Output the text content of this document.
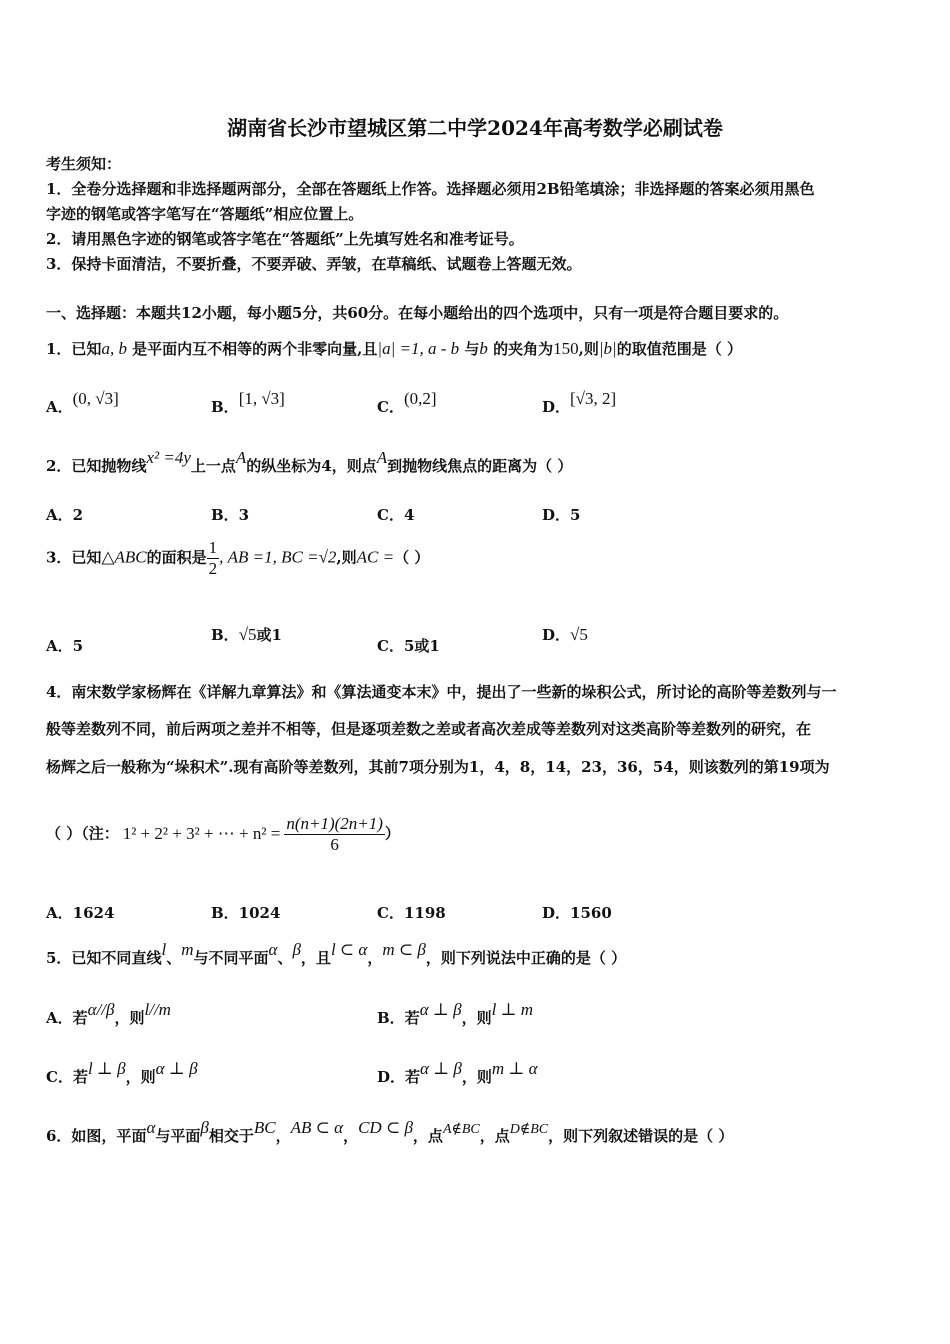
湖南省长沙市望城区第二中学2024年高考数学必刷试卷
考生须知：
1．全卷分选择题和非选择题两部分，全部在答题纸上作答。选择题必须用2B铅笔填涂；非选择题的答案必须用黑色
字迹的钢笔或答字笔写在“答题纸”相应位置上。
2．请用黑色字迹的钢笔或答字笔在“答题纸”上先填写姓名和准考证号。
3．保持卡面清洁，不要折叠，不要弄破、弄皱，在草稿纸、试题卷上答题无效。
一、选择题：本题共12小题，每小题5分，共60分。在每小题给出的四个选项中，只有一项是符合题目要求的。
1．已知a, b 是平面内互不相等的两个非零向量,且|a| =1, a - b 与b 的夹角为150,则|b|的取值范围是（ ）
A．(0, √3]	B．[1, √3]	C．(0,2]	D．[√3, 2]
2．已知抛物线x² =4y上一点A的纵坐标为4，则点A到抛物线焦点的距离为（ ）
A．2	B．3	C．4	D．5
3．已知△ABC的面积是 $\frac{1}{2}$ , AB =1, BC =√2,则AC =（ ）
A．5
B．√5或1
C．5或1
D．√5
4．南宋数学家杨辉在《详解九章算法》和《算法通变本末》中，提出了一些新的垛积公式，所讨论的高阶等差数列与一
般等差数列不同，前后两项之差并不相等，但是逐项差数之差或者高次差成等差数列对这类高阶等差数列的研究，在
杨辉之后一般称为“垛积术”.现有高阶等差数列，其前7项分别为1，4，8，14，23，36，54，则该数列的第19项为
（ ）（注： 1² + 2² + 3² + ⋯ + $n^2 = \frac{n(n+1)(2n+1)}{6}$ ）
A．1624	B．1024	C．1198	D．1560
5．已知不同直线l、m与不同平面α、β，且l ⊂ α，m ⊂ β，则下列说法中正确的是（ ）
A．若α//β，则l//m	B．若α ⊥ β，则l ⊥ m
C．若l ⊥ β，则α ⊥ β	D．若α ⊥ β，则m ⊥ α
6．如图，平面α与平面β相交于BC，AB ⊂ α，CD ⊂ β，点A∉BC，点D∉BC，则下列叙述错误的是（ ）
